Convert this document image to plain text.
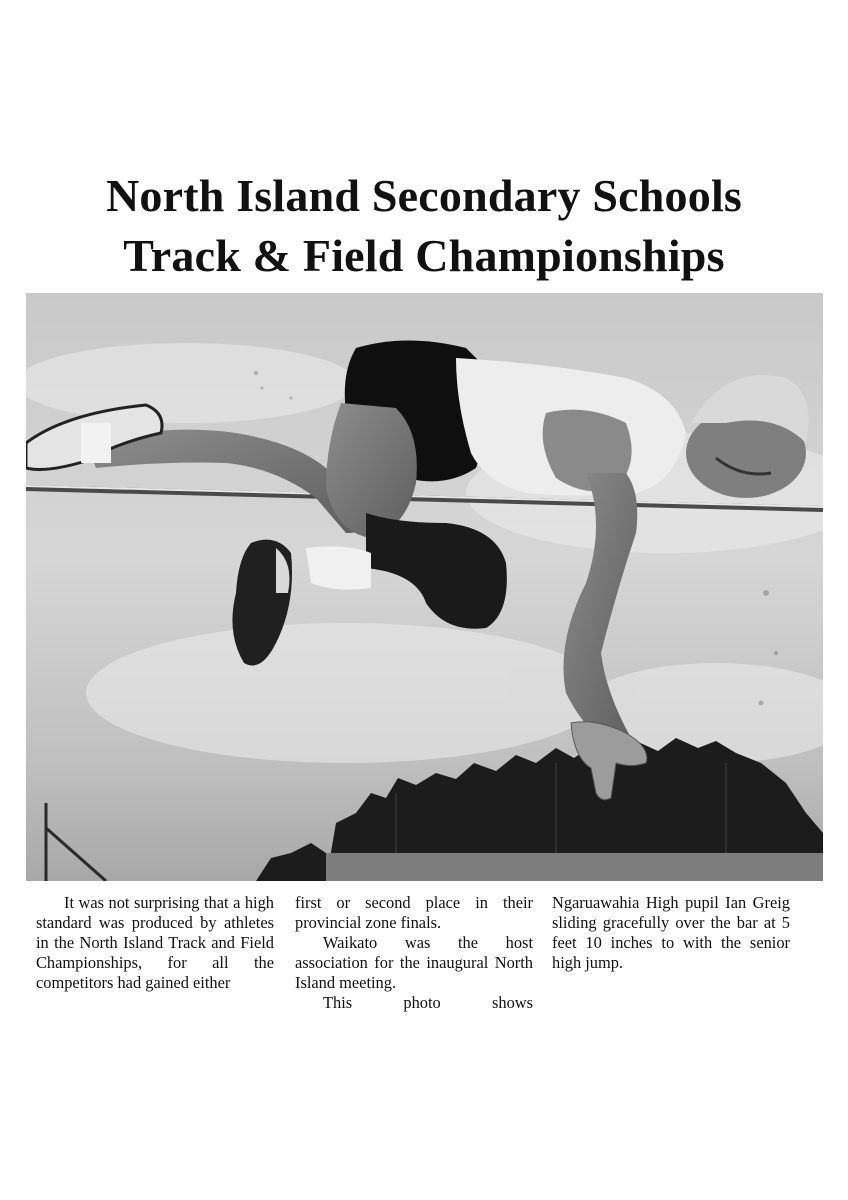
North Island Secondary Schools
Track & Field Championships

It was not surprising that a high standard was produced by athletes in the North Island Track and Field Championships, for all the competitors had gained either

first or second place in their provincial zone finals.

Waikato was the host association for the inaugural North Island meeting.

This photo shows

Ngaruawahia High pupil Ian Greig sliding gracefully over the bar at 5 feet 10 inches to with the senior high jump.
